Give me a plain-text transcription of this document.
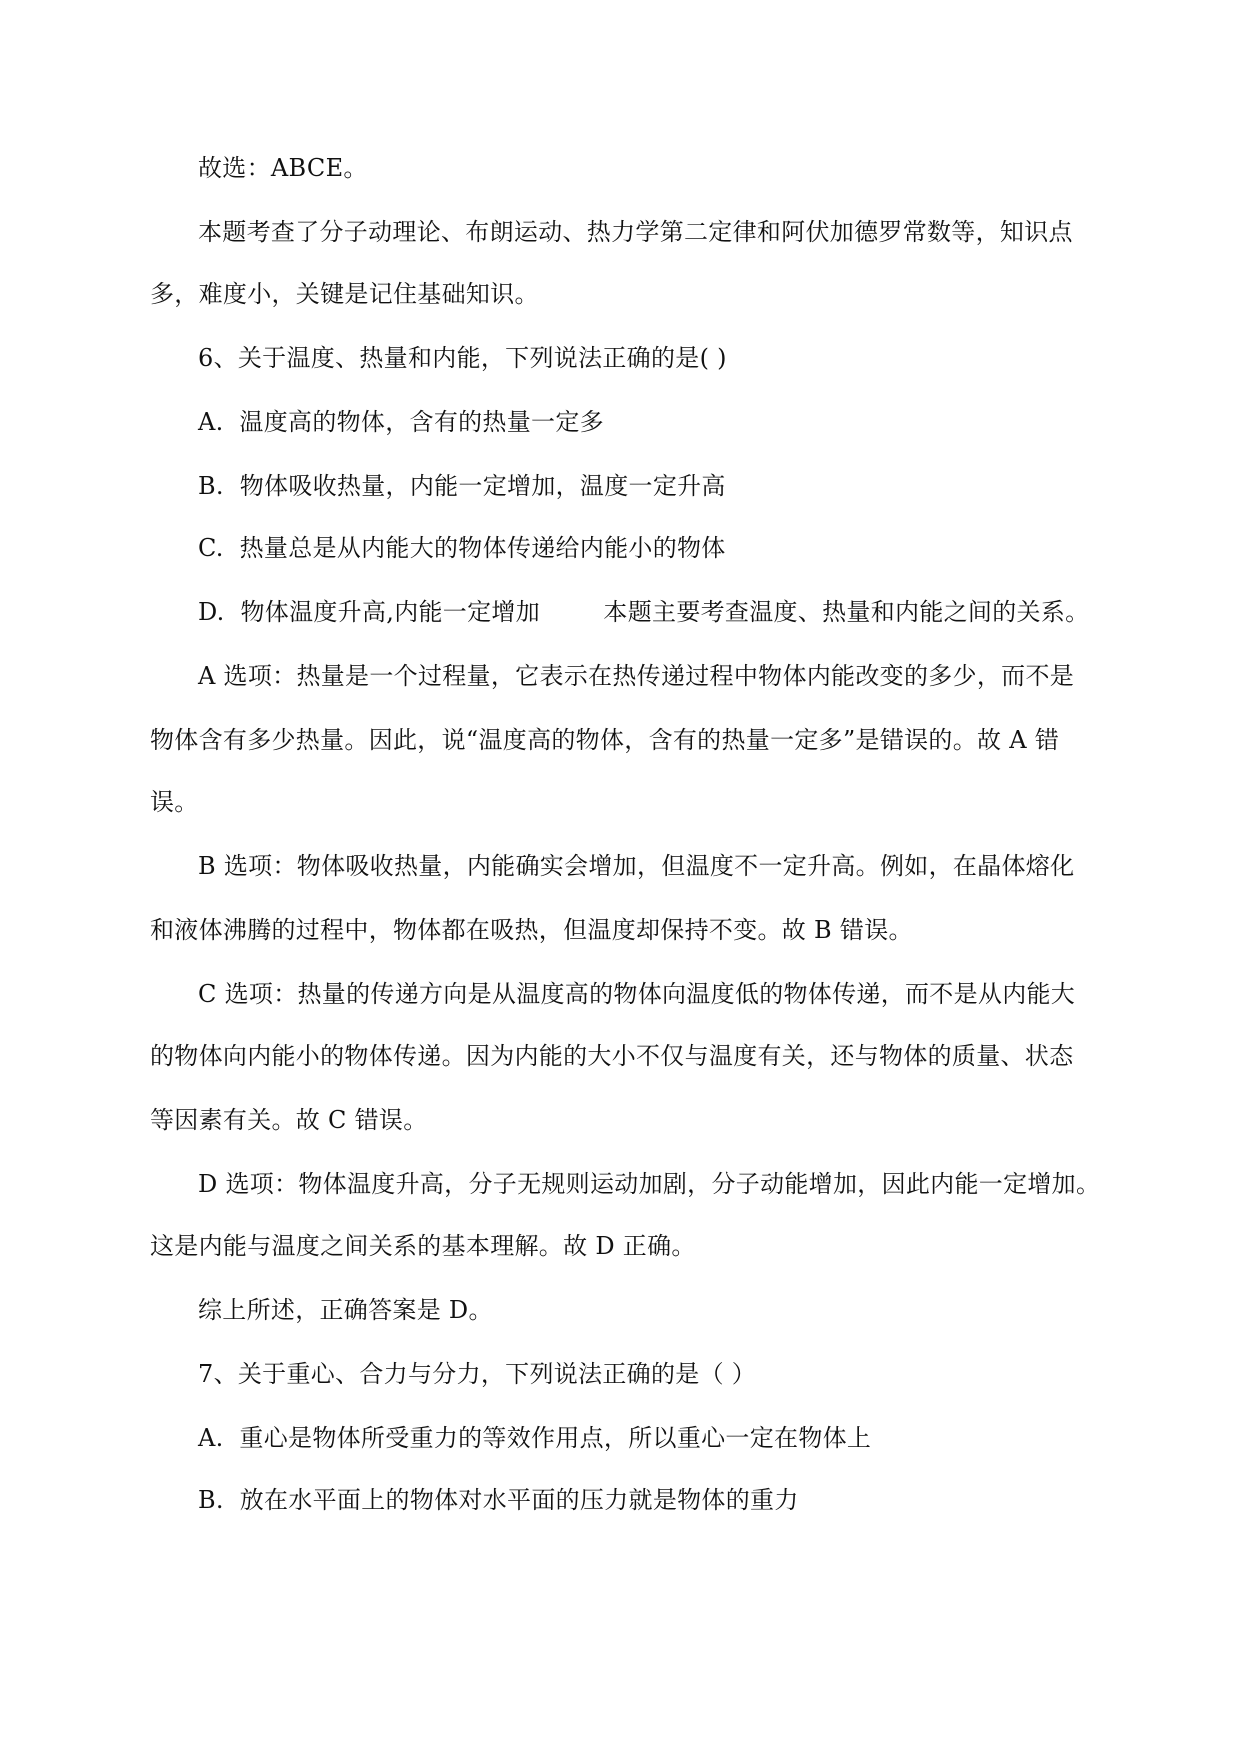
故选：ABCE。
本题考查了分子动理论、布朗运动、热力学第二定律和阿伏加德罗常数等，知识点
多，难度小，关键是记住基础知识。
6、关于温度、热量和内能，下列说法正确的是( )
A.  温度高的物体，含有的热量一定多
B.  物体吸收热量，内能一定增加，温度一定升高
C.  热量总是从内能大的物体传递给内能小的物体
D.  物体温度升高,内能一定增加        本题主要考查温度、热量和内能之间的关系。
A 选项：热量是一个过程量，它表示在热传递过程中物体内能改变的多少，而不是
物体含有多少热量。因此，说“温度高的物体，含有的热量一定多”是错误的。故 A 错
误。
B 选项：物体吸收热量，内能确实会增加，但温度不一定升高。例如，在晶体熔化
和液体沸腾的过程中，物体都在吸热，但温度却保持不变。故 B 错误。
C 选项：热量的传递方向是从温度高的物体向温度低的物体传递，而不是从内能大
的物体向内能小的物体传递。因为内能的大小不仅与温度有关，还与物体的质量、状态
等因素有关。故 C 错误。
D 选项：物体温度升高，分子无规则运动加剧，分子动能增加，因此内能一定增加。
这是内能与温度之间关系的基本理解。故 D 正确。
综上所述，正确答案是 D。
7、关于重心、合力与分力，下列说法正确的是（ ）
A.  重心是物体所受重力的等效作用点，所以重心一定在物体上
B.  放在水平面上的物体对水平面的压力就是物体的重力
